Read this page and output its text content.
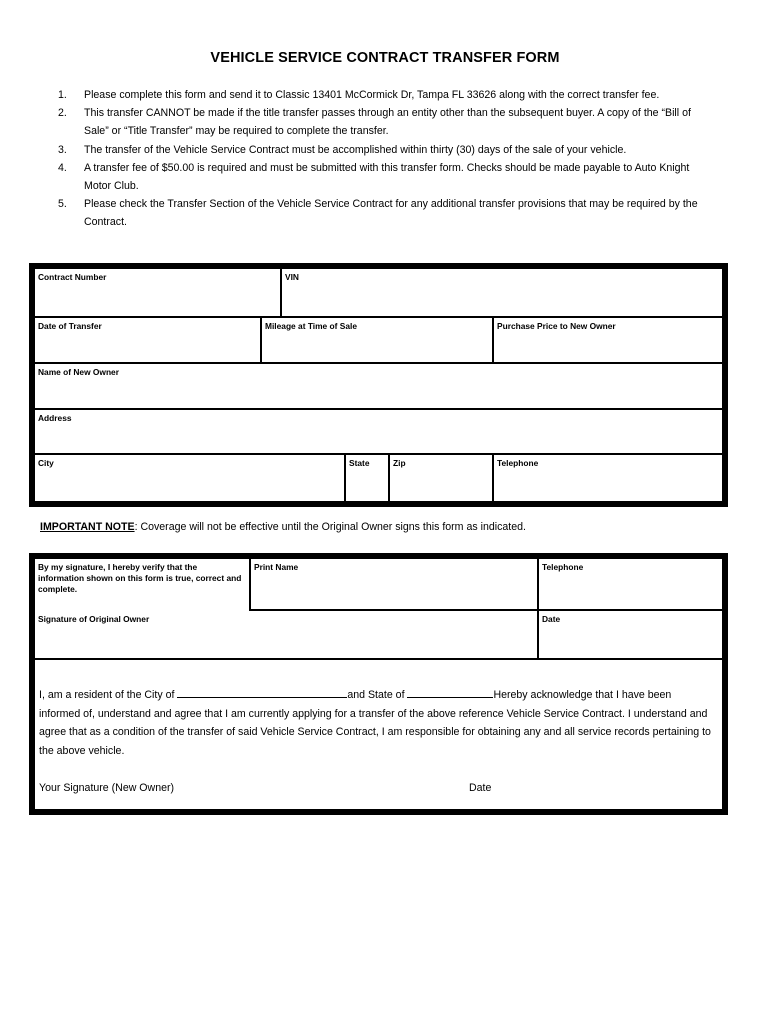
VEHICLE SERVICE CONTRACT TRANSFER FORM
1.	Please complete this form and send it to Classic 13401 McCormick Dr, Tampa FL 33626 along with the correct transfer fee.
2.	This transfer CANNOT be made if the title transfer passes through an entity other than the subsequent buyer. A copy of the “Bill of Sale” or “Title Transfer” may be required to complete the transfer.
3.	The transfer of the Vehicle Service Contract must be accomplished within thirty (30) days of the sale of your vehicle.
4.	A transfer fee of $50.00 is required and must be submitted with this transfer form. Checks should be made payable to Auto Knight Motor Club.
5.	Please check the Transfer Section of the Vehicle Service Contract for any additional transfer provisions that may be required by the Contract.
Contract Number	VIN
Date of Transfer	Mileage at Time of Sale	Purchase Price to New Owner
Name of New Owner
Address
City	State	Zip	Telephone
IMPORTANT NOTE: Coverage will not be effective until the Original Owner signs this form as indicated.
By my signature, I hereby verify that the information shown on this form is true, correct and complete.
Print Name	Telephone
Signature of Original Owner	Date
I, am a resident of the City of	and State of	Hereby acknowledge that I have been informed of, understand and agree that I am currently applying for a transfer of the above reference Vehicle Service Contract. I understand and agree that as a condition of the transfer of said Vehicle Service Contract, I am responsible for obtaining any and all service records pertaining to the above vehicle.
Your Signature (New Owner)	Date
